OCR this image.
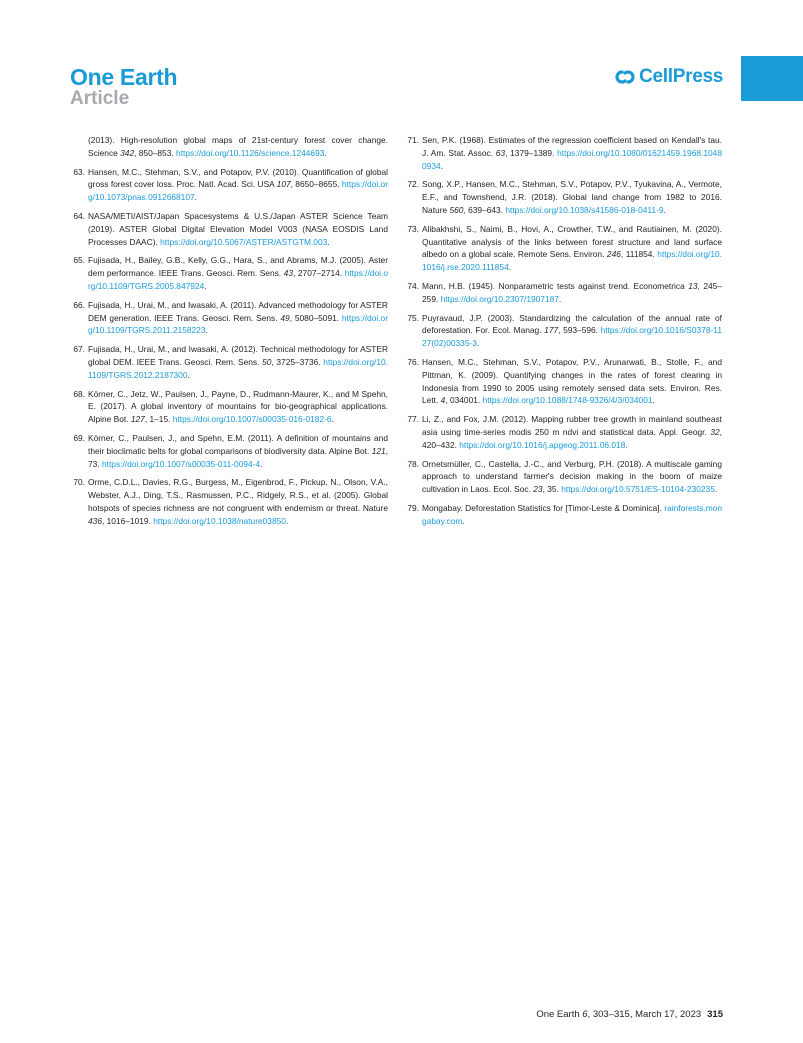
One Earth
Article
CellPress
(2013). High-resolution global maps of 21st-century forest cover change. Science 342, 850–853. https://doi.org/10.1126/science.1244693.
63. Hansen, M.C., Stehman, S.V., and Potapov, P.V. (2010). Quantification of global gross forest cover loss. Proc. Natl. Acad. Sci. USA 107, 8650–8655. https://doi.org/10.1073/pnas.0912668107.
64. NASA/METI/AIST/Japan Spacesystems & U.S./Japan ASTER Science Team (2019). ASTER Global Digital Elevation Model V003 (NASA EOSDIS Land Processes DAAC). https://doi.org/10.5067/ASTER/ASTGTM.003.
65. Fujisada, H., Bailey, G.B., Kelly, G.G., Hara, S., and Abrams, M.J. (2005). Aster dem performance. IEEE Trans. Geosci. Rem. Sens. 43, 2707–2714. https://doi.org/10.1109/TGRS.2005.847924.
66. Fujisada, H., Urai, M., and Iwasaki, A. (2011). Advanced methodology for ASTER DEM generation. IEEE Trans. Geosci. Rem. Sens. 49, 5080–5091. https://doi.org/10.1109/TGRS.2011.2158223.
67. Fujisada, H., Urai, M., and Iwasaki, A. (2012). Technical methodology for ASTER global DEM. IEEE Trans. Geosci. Rem. Sens. 50, 3725–3736. https://doi.org/10.1109/TGRS.2012.2187300.
68. Körner, C., Jetz, W., Paulsen, J., Payne, D., Rudmann-Maurer, K., and M Spehn, E. (2017). A global inventory of mountains for bio-geographical applications. Alpine Bot. 127, 1–15. https://doi.org/10.1007/s00035-016-0182-6.
69. Körner, C., Paulsen, J., and Spehn, E.M. (2011). A definition of mountains and their bioclimatic belts for global comparisons of biodiversity data. Alpine Bot. 121, 73. https://doi.org/10.1007/s00035-011-0094-4.
70. Orme, C.D.L., Davies, R.G., Burgess, M., Eigenbrod, F., Pickup, N., Olson, V.A., Webster, A.J., Ding, T.S., Rasmussen, P.C., Ridgely, R.S., et al. (2005). Global hotspots of species richness are not congruent with endemism or threat. Nature 436, 1016–1019. https://doi.org/10.1038/nature03850.
71. Sen, P.K. (1968). Estimates of the regression coefficient based on Kendall's tau. J. Am. Stat. Assoc. 63, 1379–1389. https://doi.org/10.1080/01621459.1968.10480934.
72. Song, X.P., Hansen, M.C., Stehman, S.V., Potapov, P.V., Tyukavina, A., Vermote, E.F., and Townshend, J.R. (2018). Global land change from 1982 to 2016. Nature 560, 639–643. https://doi.org/10.1038/s41586-018-0411-9.
73. Alibakhshi, S., Naimi, B., Hovi, A., Crowther, T.W., and Rautiainen, M. (2020). Quantitative analysis of the links between forest structure and land surface albedo on a global scale. Remote Sens. Environ. 246, 111854. https://doi.org/10.1016/j.rse.2020.111854.
74. Mann, H.B. (1945). Nonparametric tests against trend. Econometrica 13, 245–259. https://doi.org/10.2307/1907187.
75. Puyravaud, J.P. (2003). Standardizing the calculation of the annual rate of deforestation. For. Ecol. Manag. 177, 593–596. https://doi.org/10.1016/S0378-1127(02)00335-3.
76. Hansen, M.C., Stehman, S.V., Potapov, P.V., Arunarwati, B., Stolle, F., and Pittman, K. (2009). Quantifying changes in the rates of forest clearing in Indonesia from 1990 to 2005 using remotely sensed data sets. Environ. Res. Lett. 4, 034001. https://doi.org/10.1088/1748-9326/4/3/034001.
77. Li, Z., and Fox, J.M. (2012). Mapping rubber tree growth in mainland southeast asia using time-series modis 250 m ndvi and statistical data. Appl. Geogr. 32, 420–432. https://doi.org/10.1016/j.apgeog.2011.06.018.
78. Ornetsmüller, C., Castella, J.-C., and Verburg, P.H. (2018). A multiscale gaming approach to understand farmer's decision making in the boom of maize cultivation in Laos. Ecol. Soc. 23, 35. https://doi.org/10.5751/ES-10104-230235.
79. Mongabay. Deforestation Statistics for [Timor-Leste & Dominica]. rainforests.mongabay.com.
One Earth 6, 303–315, March 17, 2023 315
